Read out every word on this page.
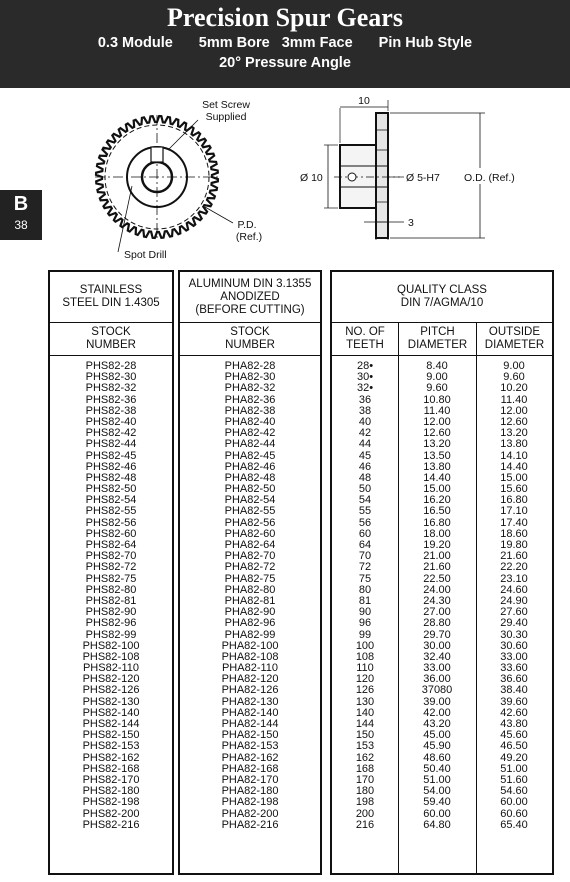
Precision Spur Gears
0.3 Module 5mm Bore 3mm Face Pin Hub Style
20° Pressure Angle
B
38
Set Screw
Supplied
P.D.
(Ref.)
Spot Drill
10
Ø 10	Ø 5-H7 O.D. (Ref.)
3
STAINLESS
STEEL DIN 1.4305
STOCK
NUMBER
PHS82-28
PHS82-30
PHS82-32
PHS82-36
PHS82-38
PHS82-40
PHS82-42
PHS82-44
PHS82-45
PHS82-46
PHS82-48
PHS82-50
PHS82-54
PHS82-55
PHS82-56
PHS82-60
PHS82-64
PHS82-70
PHS82-72
PHS82-75
PHS82-80
PHS82-81
PHS82-90
PHS82-96
PHS82-99
PHS82-100
PHS82-108
PHS82-110
PHS82-120
PHS82-126
PHS82-130
PHS82-140
PHS82-144
PHS82-150
PHS82-153
PHS82-162
PHS82-168
PHS82-170
PHS82-180
PHS82-198
PHS82-200
PHS82-216
ALUMINUM DIN 3.1355
ANODIZED
(BEFORE CUTTING)
STOCK
NUMBER
PHA82-28
PHA82-30
PHA82-32
PHA82-36
PHA82-38
PHA82-40
PHA82-42
PHA82-44
PHA82-45
PHA82-46
PHA82-48
PHA82-50
PHA82-54
PHA82-55
PHA82-56
PHA82-60
PHA82-64
PHA82-70
PHA82-72
PHA82-75
PHA82-80
PHA82-81
PHA82-90
PHA82-96
PHA82-99
PHA82-100
PHA82-108
PHA82-110
PHA82-120
PHA82-126
PHA82-130
PHA82-140
PHA82-144
PHA82-150
PHA82-153
PHA82-162
PHA82-168
PHA82-170
PHA82-180
PHA82-198
PHA82-200
PHA82-216
QUALITY CLASS
DIN 7/AGMA/10
NO. OF
TEETH
PITCH
DIAMETER
OUTSIDE
DIAMETER
28•	8.40	9.00
30•	9.00	9.60
32•	9.60	10.20
36	10.80	11.40
38	11.40	12.00
40	12.00	12.60
42	12.60	13.20
44	13.20	13.80
45	13.50	14.10
46	13.80	14.40
48	14.40	15.00
50	15.00	15.60
54	16.20	16.80
55	16.50	17.10
56	16.80	17.40
60	18.00	18.60
64	19.20	19.80
70	21.00	21.60
72	21.60	22.20
75	22.50	23.10
80	24.00	24.60
81	24.30	24.90
90	27.00	27.60
96	28.80	29.40
99	29.70	30.30
100	30.00	30.60
108	32.40	33.00
110	33.00	33.60
120	36.00	36.60
126	37080	38.40
130	39.00	39.60
140	42.00	42.60
144	43.20	43.80
150	45.00	45.60
153	45.90	46.50
162	48.60	49.20
168	50.40	51.00
170	51.00	51.60
180	54.00	54.60
198	59.40	60.00
200	60.00	60.60
216	64.80	65.40
